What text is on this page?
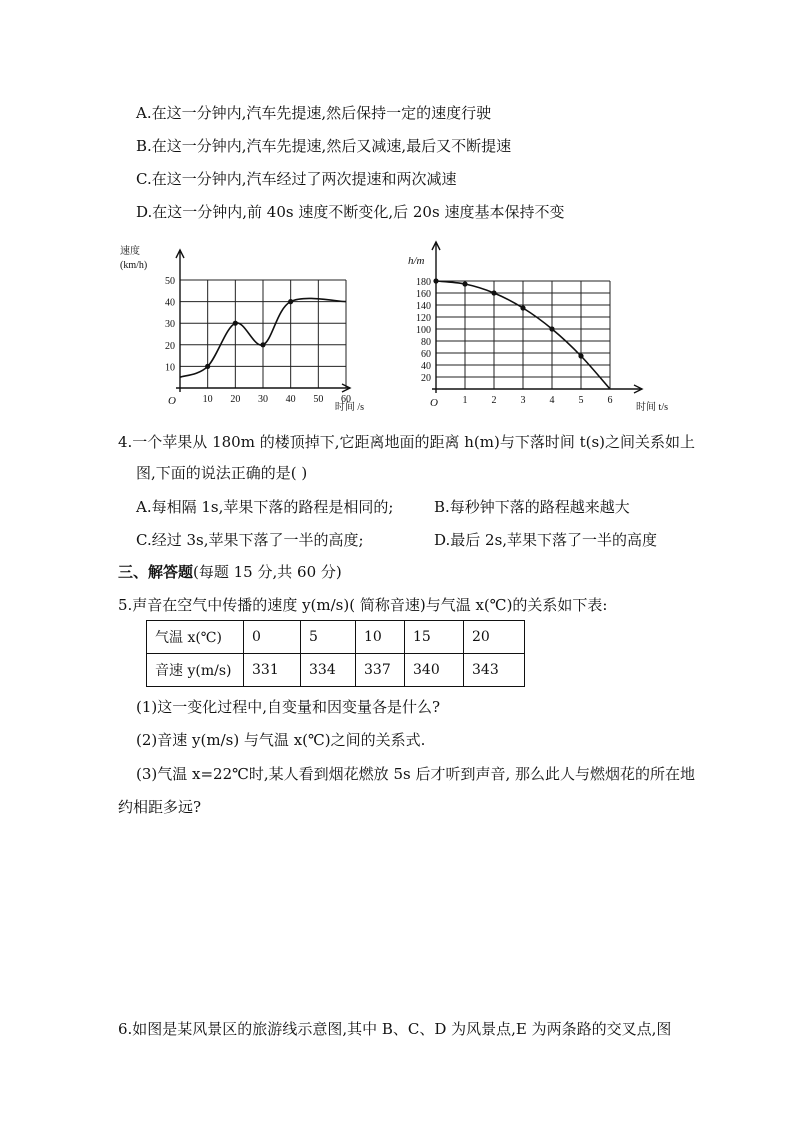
A.在这一分钟内,汽车先提速,然后保持一定的速度行驶
B.在这一分钟内,汽车先提速,然后又减速,最后又不断提速
C.在这一分钟内,汽车经过了两次提速和两次减速
D.在这一分钟内,前 40s 速度不断变化,后 20s 速度基本保持不变
速度
(km/h)
O	10 20 30 40 50 60
10
20
30
40
50
时间 /s
h/m
O 1 2 3 4 5 6
20
40
60
80
100
120
140
160
180
时间 t/s
4.一个苹果从 180m 的楼顶掉下,它距离地面的距离 h(m)与下落时间 t(s)之间关系如上
图,下面的说法正确的是( )
A.每相隔 1s,苹果下落的路程是相同的;	B.每秒钟下落的路程越来越大
C.经过 3s,苹果下落了一半的高度;	D.最后 2s,苹果下落了一半的高度
三、解答题(每题 15 分,共 60 分)
5.声音在空气中传播的速度 y(m/s)( 简称音速)与气温 x(℃)的关系如下表:
气温 x(℃)	0	5	10	15	20
音速 y(m/s)	331	334	337	340	343
(1)这一变化过程中,自变量和因变量各是什么?
(2)音速 y(m/s) 与气温 x(℃)之间的关系式.
(3)气温 x=22℃时,某人看到烟花燃放 5s 后才听到声音, 那么此人与燃烟花的所在地
约相距多远?
6.如图是某风景区的旅游线示意图,其中 B、C、D 为风景点,E 为两条路的交叉点,图
